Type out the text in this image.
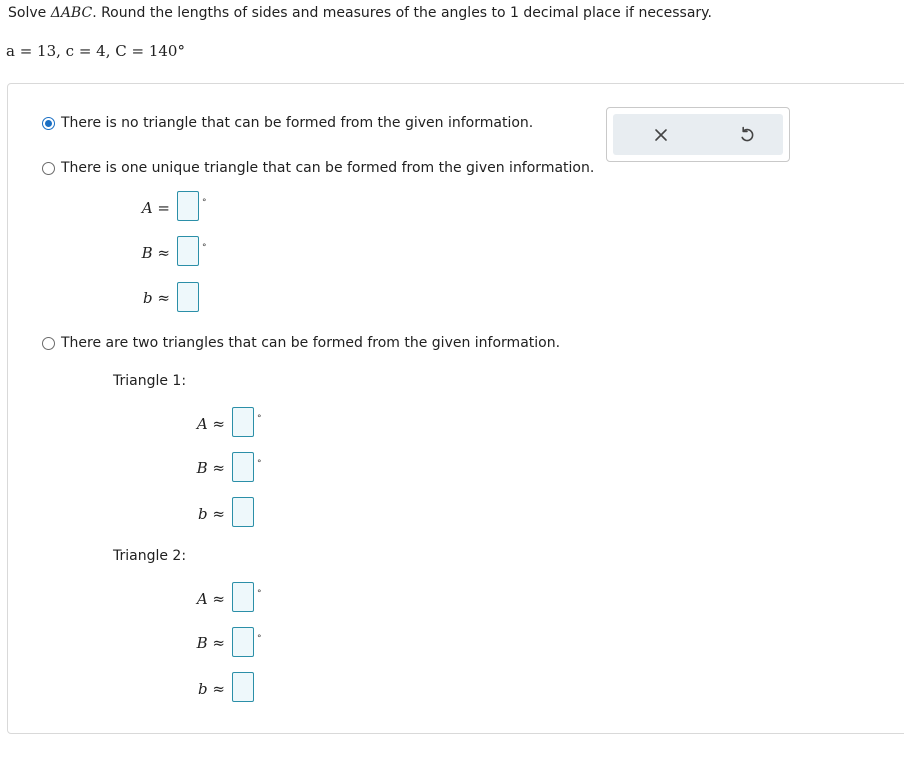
Solve ΔABC. Round the lengths of sides and measures of the angles to 1 decimal place if necessary.
a = 13, c = 4, C = 140°
There is no triangle that can be formed from the given information.
There is one unique triangle that can be formed from the given information.
A =	°
B ≈	°
b ≈
There are two triangles that can be formed from the given information.
Triangle 1:
A ≈	°
B ≈	°
b ≈
Triangle 2:
A ≈	°
B ≈	°
b ≈
